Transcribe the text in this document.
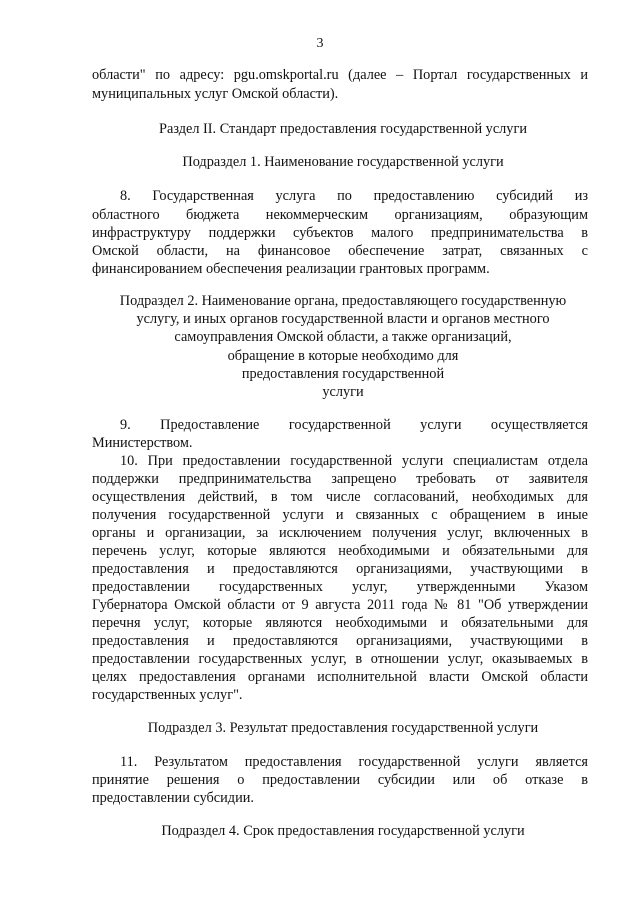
3
области" по адресу: pgu.omskportal.ru (далее – Портал государственных и
муниципальных услуг Омской области).
Раздел II. Стандарт предоставления государственной услуги
Подраздел 1. Наименование государственной услуги
8. Государственная услуга по предоставлению субсидий из
областного бюджета некоммерческим организациям, образующим
инфраструктуру поддержки субъектов малого предпринимательства в
Омской области, на финансовое обеспечение затрат, связанных с
финансированием обеспечения реализации грантовых программ.
Подраздел 2. Наименование органа, предоставляющего государственную
услугу, и иных органов государственной власти и органов местного
самоуправления Омской области, а также организаций,
обращение в которые необходимо для
предоставления государственной
услуги
9. Предоставление государственной услуги осуществляется
Министерством.
10. При предоставлении государственной услуги специалистам отдела
поддержки предпринимательства запрещено требовать от заявителя
осуществления действий, в том числе согласований, необходимых для
получения государственной услуги и связанных с обращением в иные
органы и организации, за исключением получения услуг, включенных в
перечень услуг, которые являются необходимыми и обязательными для
предоставления и предоставляются организациями, участвующими в
предоставлении государственных услуг, утвержденными Указом
Губернатора Омской области от 9 августа 2011 года № 81 "Об утверждении
перечня услуг, которые являются необходимыми и обязательными для
предоставления и предоставляются организациями, участвующими в
предоставлении государственных услуг, в отношении услуг, оказываемых в
целях предоставления органами исполнительной власти Омской области
государственных услуг".
Подраздел 3. Результат предоставления государственной услуги
11. Результатом предоставления государственной услуги является
принятие решения о предоставлении субсидии или об отказе в
предоставлении субсидии.
Подраздел 4. Срок предоставления государственной услуги
